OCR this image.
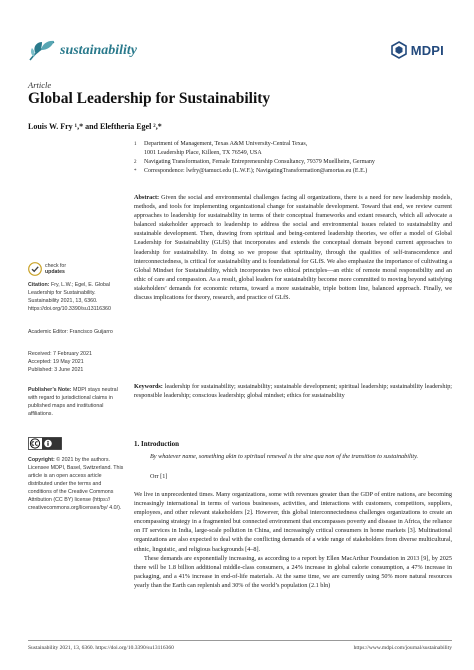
sustainability	MDPI
Article
Global Leadership for Sustainability
Louis W. Fry ¹,* and Eleftheria Egel ²,*
1	Department of Management, Texas A&M University-Central Texas,
1001 Leadership Place, Killeen, TX 76549, USA
2	Navigating Transformation, Female Entrepreneurship Consultancy, 79379 Muellheim, Germany
*	Correspondence: lwfry@tamuct.edu (L.W.F.); NavigatingTransformation@amortas.eu (E.E.)
Abstract: Given the social and environmental challenges facing all organizations, there is a need for new leadership models, methods, and tools for implementing organizational change for sustainable development. Toward that end, we review current approaches to leadership for sustainability in terms of their conceptual frameworks and extant research, which all advocate a balanced stakeholder approach to leadership to address the social and environmental issues related to sustainability and sustainable development. Then, drawing from spiritual and being-centered leadership theories, we offer a model of Global Leadership for Sustainability (GLfS) that incorporates and extends the conceptual domain beyond current approaches to leadership for sustainability. In doing so we propose that spirituality, through the qualities of self-transcendence and interconnectedness, is critical for sustainability and is foundational for GLfS. We also emphasize the importance of cultivating a Global Mindset for Sustainability, which incorporates two ethical principles—an ethic of remote moral responsibility and an ethic of care and compassion. As a result, global leaders for sustainability become more committed to moving beyond satisfying stakeholders’ demands for economic returns, toward a more sustainable, triple bottom line, balanced approach. Finally, we discuss implications for theory, research, and practice of GLfS.
Keywords: leadership for sustainability; sustainability; sustainable development; spiritual leadership; sustainability leadership; responsible leadership; conscious leadership; global mindset; ethics for sustainability
check for
updates
Citation: Fry, L.W.; Egel, E. Global Leadership for Sustainability. Sustainability 2021, 13, 6360. https://doi.org/10.3390/su13116360
Academic Editor: Francisco Guijarro
Received: 7 February 2021
Accepted: 19 May 2021
Published: 3 June 2021
Publisher’s Note: MDPI stays neutral with regard to jurisdictional claims in published maps and institutional affiliations.
Copyright: © 2021 by the authors. Licensee MDPI, Basel, Switzerland. This article is an open access article distributed under the terms and conditions of the Creative Commons Attribution (CC BY) license (https:// creativecommons.org/licenses/by/ 4.0/).
1. Introduction
By whatever name, something akin to spiritual renewal is the sine qua non of the transition to sustainability.
Orr [1]

We live in unprecedented times. Many organizations, some with revenues greater than the GDP of entire nations, are becoming increasingly international in terms of various businesses, activities, and interactions with customers, competitors, suppliers, employees, and other relevant stakeholders [2]. However, this global interconnectedness challenges organizations to create an encompassing strategy in a fragmented but connected environment that encompasses poverty and disease in Africa, the reliance on IT services in India, large-scale pollution in China, and increasingly critical consumers in home markets [3]. Multinational organizations are also expected to deal with the conflicting demands of a wide range of stakeholders from diverse multicultural, ethnic, linguistic, and religious backgrounds [4–8].

These demands are exponentially increasing, as according to a report by Ellen MacArthur Foundation in 2013 [9], by 2025 there will be 1.8 billion additional middle-class consumers, a 24% increase in global calorie consumption, a 47% increase in packaging, and a 41% increase in end-of-life materials. At the same time, we are currently using 50% more natural resources yearly than the Earth can replenish and 30% of the world’s population (2.1 bln)

Sustainability 2021, 13, 6360. https://doi.org/10.3390/su13116360	https://www.mdpi.com/journal/sustainability
